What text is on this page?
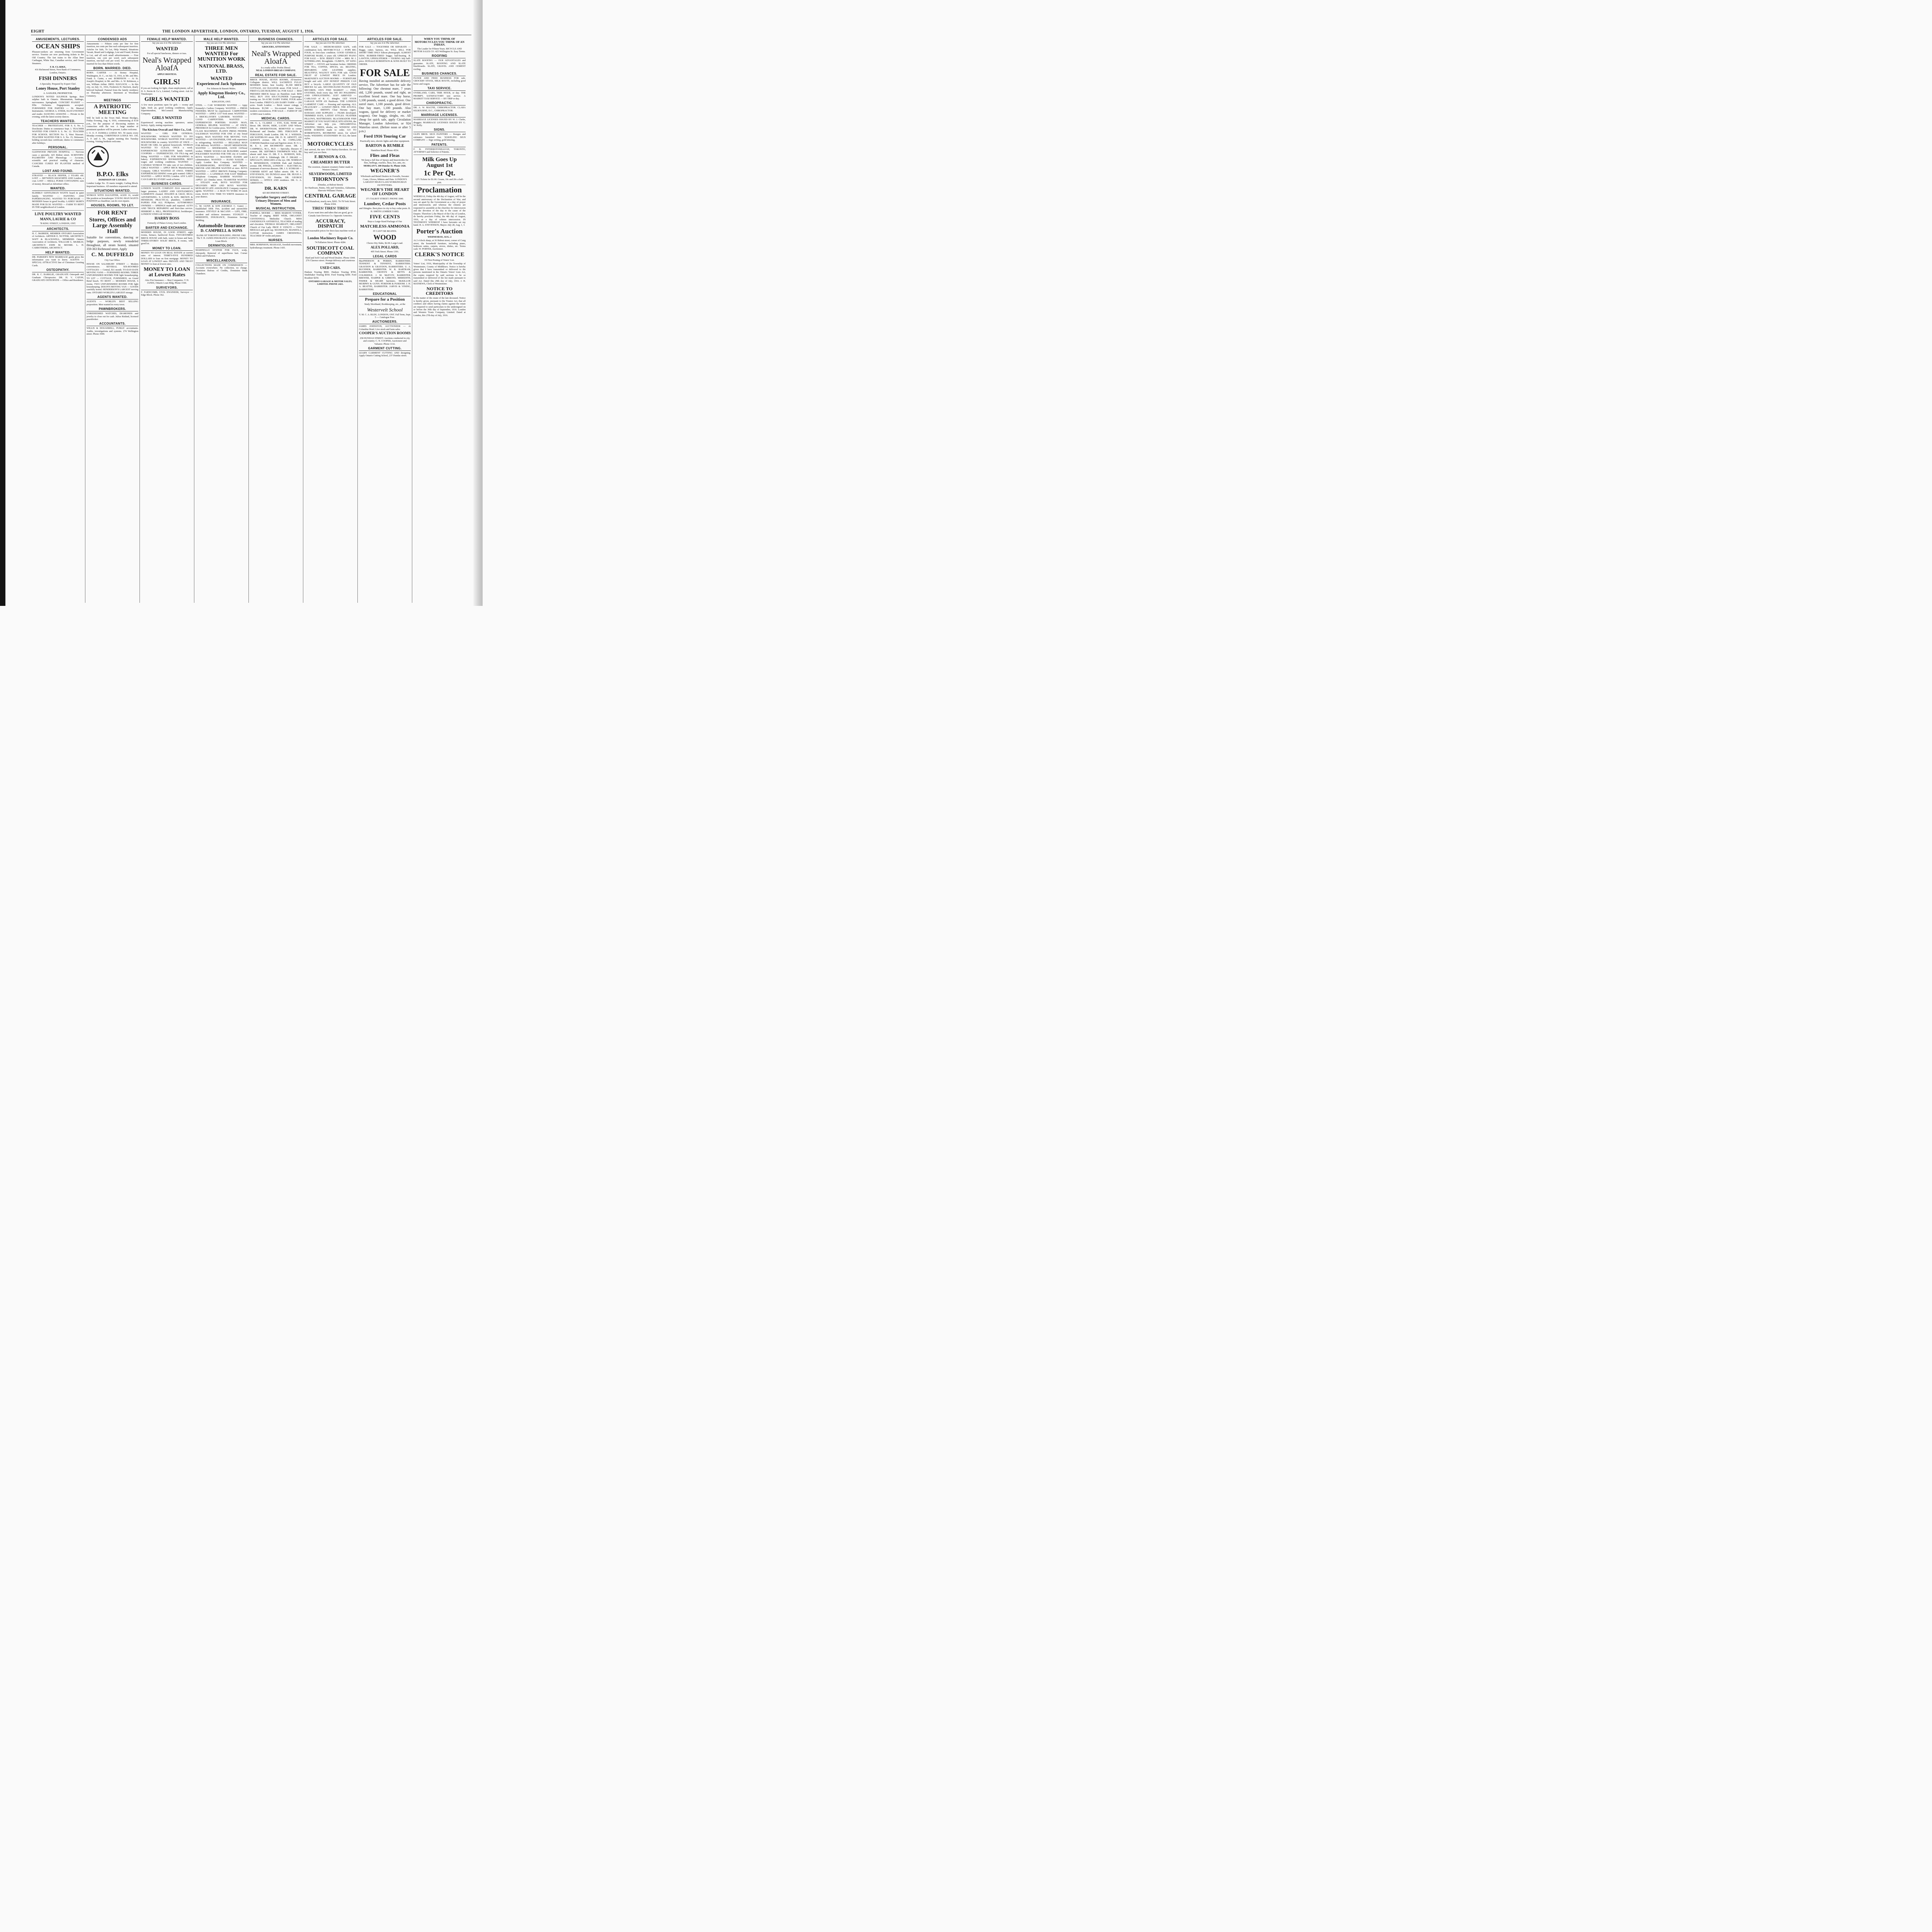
EIGHT	THE LONDON ADVERTISER, LONDON, ONTARIO, TUESDAY, AUGUST 1, 1916.
AMUSEMENTS, LECTURES.
OCEAN SHIPS
Pleasure-seekers are returning from Government service. Tourists are now purchasing tickets to the Old Country. The fast trains to the Allan liner Carthagan, White Star, Canadian service, and Ocean Steamers.
F. B. CLARKE,
416 Richmond Street, Next Bank of Commerce, London, Ontario.
FISH DINNERS
A Specialty. Prepared by Expert Chef.
Loney House, Port Stanley
A. SADLIER, PROPRIETOR.
LONDON'S NOTED SULPHUR Springs. Best sulphur bath in Ontario. Rheumatism, lumbago, nervousness. Springbank. CONCERT PIANIST — Ellis Orchestra. Engagements accepted. FURNISHED FOR PARTIES — Dr. Musical Instruments. GEORGE A. STEER, ELOCUTIONIST and reader. DANCING LESSONS — Private in the evening, with the latest society dances.
TEACHERS WANTED.
TEACHER — PROTESTANT, FOR S. S. No. 2, Dorchester. Duties to commence Sept. 1. TEACHER WANTED FOR UNION S. S. No. 12. TEACHER FOR SCHOOL SECTION No. 5, West Nissouri. TEACHER WANTED FOR S. S. No. 15, Delaware; holding second-class certificate; duties to commence after holidays.
PERSONAL.
GLENWOOD PRIVATE HOSPITAL — Nervous cases a specialty. 425 Ridout street. SCIENTIFIC PALMISTRY AND Phrenology — Accurate, scientific and practical reading of character. CANCERS CURED BY PLANTER method of Canada.
LOST AND FOUND.
STRAYED — BLACK HEIFER, 2 YEARS old. LOST — BETWEEN KILWORTH AND London, a coat. LOST — SMALL PURSE CONTAINING sum of money. Reward at Advertiser office.
WANTED.
ELDERLY GENTLEMAN WANTS board in quiet family. WANTED — PAINTING AND PAPERHANGING. WANTED TO PURCHASE — MODERN house in good locality. LADIES' SKIRTS MADE FOR $1.50. WANTED — FARM TO RENT IN THE neighborhood of London.
LIVE POULTRY WANTED
MANN, LAURIE & CO
78 KING STREET, LONDON, ONT.
ARCHITECTS.
H. C. McBRIDE, MEMBER ONTARIO Association of Architects. ARTHUR E. NUTTER, ARCHITECT. WATT & BLACKWELL, MEMBERS Ontario Association of Architects. WILLIAM G. MURRAY, ARCHITECT. JOHN M. MOORE. L. H. CARROTHERS, ARCHITECT.
HELP WANTED.
DR. PARKER'S NEW MARRIAGE guide gives the information you want to know. AGENTS — SPECIAL ATTRACTIVE line of Christmas Greeting Cards.
OSTEOPATHY.
DR. R. C. BARKLIE, GRADUATE Osteopath and Graduate Chiropractor. DR. H. V. CATON, GRADUATE OSTEOPATH — Office and Residence.
CONDENSED ADS
Amusements — Fifteen cents per line for first insertion, ten cents per line each subsequent insertion. Articles for Sale, To Let, Help Wanted, Situations Vacant, Board and Lodgings, Lost and Found, Rooms to Let, and all such small advertisements — First insertion, one cent per word; each subsequent insertion, one-half cent per word. No advertisement inserted for less than fifteen words.
BORN. MARRIED. DIED.
BORN. CARTER — At Stoney Hospital, Washington, D. C., on July 15, 1916, to Mr. and Mrs. Frank A. Carter, a son. ROBINSON — At St. Joseph's Hospital, to Mr. and Mrs. A. W. Robinson, a son, William Arthur. DIED. HAVLOCK — In this city, on July 31, 1916, Frederick H. Havlock, dearly beloved husband. Funeral from the family residence on Thursday afternoon. Interment at Woodland Cemetery.
MEETINGS
A PATRIOTIC MEETING
Will be held in the Town Hall, Mount Brydges, Friday Evening, Aug. 4, 1916, commencing at 8:30 p.m., for the purpose of discussing matters in connection with the war. A large number of prominent speakers will be present. Ladies welcome.
I. O. O. F. EUREKA LODGE NO. 59 meets every Monday evening. CORINTHIAN LODGE NO. 330, A. F. and A. M., regular meeting this Tuesday evening. Visiting brethren welcome.
B.P.O. Elks
DOMINION OF CANADA
London Lodge No. 35 meets tonight, Carling Block. Important business. All members requested to attend.
SITUATIONS WANTED.
WOMAN WITH DAUGHTER, AGED 16, would like position as housekeeper. YOUNG MAN WANTS POSITION as chauffeur; can do own repairs.
HOUSES, ROOMS, TO LET.
FOR RENT
Stores, Offices and Large Assembly Hall
Suitable for conventions, dancing or lodge purposes, newly remodeled throughout, all steam heated, situated 359-363 Richmond street, Apply
C. M. DUFFIELD
City Gas Office.
HOUSE ON SALISBURY STREET — Modern conveniences. SEVERAL SIX-ROOMED COTTAGES — Central, $11 month. TO-DAY-DATE MOVING VANS — FURNISHED ROOMS. THREE UNFURNISHED ROOMS FOR light housekeeping. TO LET — COTTAGE, FURNISHED, on Grand Bend beach. TO RENT — MODERN HOUSE, 6 rooms. TWO UNFURNISHED ROOMS FOR light housekeeping. DIXON'S MOVING VAN — GOODS carefully stored. HENDERSON'S LARGEST moving vans. ONTARIO WORLD'S LARGEST storage.
AGENTS WANTED.
AGENTS — WORLD'S BEST SELLING proposition. Men wanted in every town.
PAWNBROKERS.
UNREDEEMED WATCHES, DIAMONDS and jewelry to close out for cash. Julius Riskind, licensed pawnbroker.
ACCOUNTANTS.
WILLIS & DOGGERELL, PUBLIC accountants. Audits, investigations and systems. 274 Wellington street. Phone 3949.
FEMALE HELP WANTED.
Say you saw it in The Advertiser.
WANTED
For all special luncheons, dinners or teas.
Neal's Wrapped AloafA
APPLY HOSTESS.
GIRLS!
If you are looking for light, clean employment, call at D. S. Perrin & Co.'s, Limited, Carling street. Ask for Timekeeper.
GIRLS WANTED
A few more positions open for girls — roomy and light, fresh air, good working conditions. Apply Superintendent, McCormick Manufacturing Company.
GIRLS WANTED
Experienced sewing machine operators; union factory. Apply, stating experience.
The Kitchen Overall and Shirt Co., Ltd.
WANTED — GIRL FOR GENERAL HOUSEWORK. WOMAN WANTED TO DO HOUSEWORK. WOMAN WANTED FOR LIGHT HOUSEWORK in country. WANTED AT ONCE — MAID OR GIRL for general housework. WOMAN WANTED TO CLEAN, ONCE a week. EXPERIENCED ALTERATION hands wanted. COOPERS — EXPERIENCED, ON FILL-ing and fitting. WANTED — GIRL FOR WRAPPING in bakery. EXPERIENCED BOOKKEEPER; BEST wages and working conditions. WANTED — CAPABLE WOMAN TO take care of two children. GIRLS WANTED — APPLY BECK Manufacturing Company. GIRLS WANTED AT ONCE. THREE EXPERIENCED DINING room girls wanted. GIRLS WANTED — APPLY HOTEL London. ANY LADY CAN EARN $12 EVERY week at home.
BUSINESS CARDS.
LONDON WASTE COMPANY HAS removed to larger premises. LADIES' AND GENTLEMEN'S GARMENTS cleaned. HOLDEN & GRAY, REAL ADVERTISING. S. LEWIS & SON. BROWN & HENSHAW, PRACTICAL plumbers. CARBON PAPERS FOR ALL PURposes. AUTOMOBILE OWNERS — SPRINGS made and repaired. AUTO AND TRUCK REPAIRING and first-class service. HERBERT A. HILL, PROFESSIONAL bookkeeper. LONDON VINEGAR WORKS.
HARRY BOSS
Formerly of Palace Livery, East London.
BARTER AND EXCHANGE.
MODERN HOUSE, IN GOOD STREET; eight rooms, furnace, hardwood floors. TWO-ROOMED BRICK HOUSE with bath, water in house and barn. THREE-STOREY SOLID BRICK, 8 rooms, with good lot.
MONEY TO LOAN.
MONEY TO LOAN ON REAL ESTATE at current rates of interest. THIRTY-FIVE HUNDRED DOLLARS to loan on first mortgage. MONEY TO LOAN AT LOWEST rates. PRIVATE AND TRUST MONEY to loan at lowest rates.
MONEY TO LOAN at Lowest Rates
Also Fire Insurance — Best Companies. T. H. JANES, Ontario Loan Bldg. Phone 1544.
SURVEYORS.
F. FARNCOMB, CIVIL ENGINEER, Surveyor — Edge Block. Phone 362.
MALE HELP WANTED.
Say you saw it in The Advertiser.
THREE MEN WANTED For MUNITION WORK
NATIONAL BRASS, LTD.
WANTED
Experienced Jack Spinners
For Johnson & Bassett Mules.
Apply Kingston Hosiery Co., Ltd.
KINGSTON, ONT.
STEEL — CAR WORKERS WANTED — Appy Kennedy's Carlton Company. WANTED — PRESS FEEDERS; MUST be experienced. CARPENTERS WANTED — APPLY 1157 York street. WANTED — A BRICKLAYER'S LABORER. WANTED — GOOD CARPENTERS. WANTED — EXPERIENCED PORTERS. HANDY MAN, GENERAL HELPER. WANTED — AT ONCE, PRESSMAN for Gordon press. WANTED — FIRST-CLASS MACHINIST. PLATEN PRESS FEEDER. SALESMAN WANTED FOR ONE of city bread wagons. MAN WANTED FOR MOVING VAN. WANTED — AN ENGINEER, ONE with experience in refrigerating. WANTED — RELIABLE MAN FOR delivery. WANTED — NIGHT MESSENGER. WANTED — SHOEMAKER, GOOD GENeral worker. THREE WOOD-CAR BUILDERS wanted. POLICEMEN WANTED FOR THE city of London. BOYS WANTED — MACHINE HANDS and cabinetmakers. WANTED — HAND NAILER — Apply London Box Company. WANTED — SOLDERMAKERS, RIVETERS and helpers. DRIVER AND HELPER WANTED at once. BOYS WANTED — APPLY BROWN Printing Company. WANTED — A LINEMAN FOR EAST Middlesex Telephone Company. BARBER WANTED — APPLY 221 Dundas street. TEAMSTER WANTED — STEADY work. BOYS WANTED FOR DELIVERY. MEN AND BOYS WANTED. MONARCH LIFE ASSURANCE Company requires agents. WANTED — A MAN TO WORK IN stock room. HAVE YOU TIME TO WRITE insurance in your district.
INSURANCE.
G. M. GUNN & SON (GEORGE C. Gunn) — Established 1858. Fire, accident and automobile insurance. STEVELY & McCANN — LIFE, FIRE, accident and sickness insurance. STANLEY J. MEREDITH, INSURANCE, Dominion Savings Building.
Automobile Insurance
D. CAMPBELL & SONS
BANK OF TORONTO BUILDING. PHONE 1382.
The T. H. JANES INSURANCE AGENCY, Ontario Loan Block.
DERMATOLOGY.
MARINELLO SYSTEM FOR FACE, scalp, chiropody. Removal of superfluous hair. Corner Talbot and Fullarton.
MISCELLANEOUS.
COLLECTIONS MADE ON COMMISSION — Accounts everywhere. No collection, no charge. Dominion Bureau of Credits, Dominion Bank Chambers.
BUSINESS CHANCES.
Say you saw it in The Advertiser.
GROCERS, ATTENTION!
Neal's Wrapped AloafA
Is a ready seller. Profits liberal.
NEAL LONDON BREAD COMPANY.
REAL ESTATE FOR SALE.
BRICK HOUSE, SEVEN ROOMS, AT-tractive; Collegiate district. WILL SACRIFICE FULLY MODERN home, best locality. $1,300 BRICK COTTAGE, 222 ELEANOR street. FOR SALE — FIRST-CLASS BUILDING lot. FOR SALE — RED PRESSED BRICK house on Hamilton road. $650 WILL BUY 1916 SIX-CYLINDER 5-passenger touring car. 50-ACRE DAIRY FARM, FOUR miles from London. FIRST-CLASS DAIRY FARM — 200 acres. South London — Brick veneer cottage, 6 bedrooms. $3,500 — Six-roomed frame house, modern conveniences. FOR SALE — FARM OF 100 ACRES near London.
MEDICAL CARDS.
DR. G. L. CLARKE — EYE, EAR, NOSE and throat. DR. SHAW, HIDE, LAURY AND Wilson. DR. W. SHOEBOTHAM, REMOVED to corner Richmond and Dundas. DRS. FERGUSON & FERGUSON, South London. DR. W. J. WEEKES, 438 WATERLOO street. DR. D. H. ARNOTT, 226 QUEEN'S avenue. DR. E. M. COPELAND, CORNER Hamilton road and Egerton street. H. O. L. M. E. S. 244 RICHMOND street. DR. J. CAMPBELL, M.A., M.D. — Specialty, diseases of women. DR. SEPTIMUS THOMPSON WILL BE absent until June 15. DR. F. L. BURDON, M.B., L.R.C.P. AND S. Edinburgh. DR. F. DRAKE — SPECIALTY, DISEASES of the eye. DR. NORMAN B. HENDERSON, CORNER Park and Dufferin avenue. DR. PINGEL, LONDON — ELECTRICAL treatment of nervous diseases. DR. J. S. SCHRAM — CORNER KENT and Talbot streets. DR. W. J. STEVENSON, 391 DUNDAS street. DR. HUGH A. STEVENSON, 391 Dundas. DR. GEORGE SENKEL — OFFICE AND residence. DR. G. A. ARRESTON.
DR. KARN
425 RICHMOND STREET.
Specialist Surgery and Genito Urinary Diseases of Men and Women.
MUSICAL INSTRUCTION.
PARNELL MOORE — MISS MARION VOTIER, Teacher of singing. BERT WEIR, ORGANIST CENTENNIAL Methodist Church. MISS GWENDOLYN ANTHISTLE, TEACHER of reading and elocution. THOMAS SHARRATT, ORGANIST Church of Our Lady. PROF. P. VENUTI — TWO MEDALS and gold cup. MANDOLIN, MANDOLA, GUITAR instruction. JAMES CRESSWELL, TEACHER OF violin and piano.
NURSES.
MRS. ROBINSON, MASSAGE, Swedish movement, hydrotherapy treatment. Phone 1435.
ARTICLES FOR SALE.
Say you saw it in The Advertiser.
FOR SALE — MEDIUM-SIZED SAFE, with combination lock. MOTORCYCLE — POPE BIG FOUR, in first-class condition. GOOD GENERAL PURPOSE MARE, 6 years old. UPRIGHT PIANO FOR SALE — $150. JERSEY COW — MRS. M. J. SUTHERLAND, Broughdale. CLIMO'S, 197 KING STREET — STOVE and furniture broker. ORDERS FOR TEA, COFFEE, SPICES, etc. BELTING, REPAIRING AND LEATHER supplies. BEAUTIFUL WALNUT SOFA FOR sale. GOOD FRUIT AT LOWEST PRICE IN London. McKENZIE'S AUCTION ROOMS — FURNITURE bought and sold. ANY HONEST PERSON CAN BUY a bicycle. LARGE QUANTITY OF OLD BRICKS for sale. SECOND-HAND PIANOS AND RECORDS. OX'S FISH MARKET — FISH, OYSTERS, fresh every day. WE DO POLISHING AND UPHOLSTERING. JUST ARRIVED — CARLOAD of R. C. shingles. GET YOUR GARAGE WITH AN Hardware. THE LONDON GARMENT CARE — Pressing and repairing. ALL PEACH-SET — LOWEST PRICE. THE JOY-FUL SMOKE — SMITH'S Clear Havana cigars. KODAKS AND SUPPLIES — FILMS developed. TRIMMED HATS, LATEST STYLES. FEATHER PILLOWS, MATTRESSES. BLACKMADOR FISH MARKET. IF YOU WANT HELP, SITUATIONS, the Advertiser can help you. ORNAMENTAL WEEPING TREES, shrubs, etc. WINDOW AND DOOR SCREENS made to order. GO TO ROBERTSON'S, RICHMOND street, for school books. WEDDING STATIONERY IN ALL the latest styles.
MOTORCYCLES
Just arrived, the new 1916 Harley-Davidson. Do not buy until you see them.
F. BENSON & CO.
CREAMERY BUTTER
The sweetest, cleanest creamery butter made in Western Ontario.
SILVERWOODS, LIMITED
THORNTON'S
(Dundas, at Ridout Street)
for Hardware, Paints, Oils and Varnishes, Alabastine, Sherwin-Williams' Paints.
CENTRAL GARAGE
Ford Runabout, nearly new, $265. 76-78 York Street. Phone 4304.
TIRES! TIRES! TIRES!
If you want tires and tubes that are good, go to Canada Auto Devices Co. Opposite Armories.
ACCURACY, DISPATCH
and reasonable prices for first-class machine work at the
London Machinery Repair Co.
74 Fullarton Street. Phone 4284.
SOUTHCOTT COAL COMPANY
Hard and Soft Coal and Wood Dealers. Phone 1044. 276 Clarence street. Prompt delivery and courteous treatment.
USED CARS.
Hudson Touring $900. Hudson Touring $700. Studebaker Touring $550. Ford Touring $300. Ford Roadster $250.
ONTARIO GARAGE & MOTOR SALES, LIMITED. PHONE 2421.
ARTICLES FOR SALE.
Say you saw it in The Advertiser.
FOR SALE — TOGETHER OR SEPARATE — Buggy, cutter, harness, etc. WILL SELL FOR SHORT TIME ONLY Edison phonograph. ALMOST NEW, RUBBER-TIRED buggy; ball-bearing. R. LAWTON, UPHOLSTERER — DURING July half-price. DONALD ROBERTSON & SONS BUILT TO ORDER.
FOR SALE
Having installed an automobile delivery service, The Advertiser has for sale the following: One chestnut mare, 7 years old, 1,200 pounds, sound and right, an excellent brood mare. One bay horse, 1,100 pounds, sound, a good driver. One sorrel mare, 1,100 pounds, good driver. One bay mare, 1,100 pounds. Also wagons, (good for delivery or market wagons). One buggy, sleighs, etc. All cheap for quick sale, apply Circulation Manager, London Advertiser, or 924 Waterloo street. (Before noon or after 5 p.m.)
Ford 1916 Touring Car
Practically new, electric lights and other equipment.
BARTON & RUMBLE
Hamilton Road. Phone 4554.
Flies and Fleas
We keep a full line of Sprays and Insecticides for flies, bedbugs, roaches, fleas, lice, ants, etc.
MORGAN'S, 100 Dundas St. Phone 1426.
WEGNER'S
Wholesale and Retail Dealers in Overalls, Sweater Coats, Gloves, Mittens and Hats. LONDON'S LARGEST HIGH-CLASS WORKINGMAN OUTFITTERS.
WEGNER'S THE HEART OF LONDON
371 TALBOT STREET. PHONE 1840.
Lumber, Cedar Posts
and Shingles. Best place in city to buy cedar posts. R. H. SMITH LUMBER YARD.
FIVE CENTS
Buys a Large-Sized Package of Our
MATCHLESS AMMONIA
IT CAN'T BE BEATEN.
WOOD
Choice Dry Slabs, $2.00. Large Load.
ALEX POLLARD,
495 York Street. Phone 1391.
LEGAL CARDS
MacPHERSON & PERRIN, BARRISTERS. TENNENT & TENNENT, BARRISTERS. GRAYDON & GRAYDON, BARRISTERS. U. A. BUCHNER, BARRISTER. W. R. BARTRAM, BARRISTER. CRONYN & BETTS & COLERIDGE. J. M. McEVOY, BARRISTER. BREWER, HARPER & GIBBONS. MEREDITH, FISHER & SHARP, barristers. McKILLOP, MURPHY & GUNN. PURDOM & PURDOM. J. H. A. BEATTIE, BARRISTER. JARVIS & VINING, BARRISTERS.
EDUCATIONAL
Prepare for a Position
Study Shorthand, Bookkeeping, etc., at the
Westervelt School
Y. M. C. A. BLDG. LONDON, ONT. Fall Term, Sept. 5 — Catalogue Free.
AUCTIONEERS.
JAMES JOHNSTON, AUCTIONEER — At Columbia Hotel. Live stock and farm sales.
COOPER'S AUCTION ROOMS
258 DUNDAS STREET. Auctions conducted in city and country. C. N. COOPER, Auctioneer and Valuator. Phone 1132.
GARMENT CUTTING.
LEARN GARMENT CUTTING AND designing. Apply Ontario Cutting School, 237 Dundas street.
WHEN YOU THINK OF MOTORCYCLES YOU THINK OF AN INDIAN.
The Leader for Fifteen Years. BICYCLE AND MOTOR SALES CO. 425 Wellington St. Easy Terms.
ROOFING
SLATE ROOFING — OUR ADVANTAGES and guarantee. SLATE, ROOFING AND SLATE blackboards. SLATE, GRAVEL AND CEMENT roofing.
BUSINESS CHANCES.
FLOUR AND FEED BUSINESS FOR sale. GROCERY STOCK, MILK ROUTE, including good horse and wagon.
TAXI SERVICE.
OVERLAND, CARS, TRIP, HOUR, or day. THE PROMPT, SATISFACTORY taxi service. A MARKET TAXI SERVICE — BY TRIP or day.
CHIROPRACTIC.
DR. A. W. MACFIE, CHIROPRACTOR. CLARA KILBOURNE, D.C., CHIROPRACTOR.
MARRIAGE LICENSES.
MARRIAGE LICENSES ISSUED BY W. J. Clarke, druggist. MARRIAGE LICENSES ISSUED BY G. W. Kelly.
SIGNS.
GLEN BROS. SIGN PAINTERS — Designs and estimates furnished free. WAKELING SIGN COMPANY — Sign writing, gold lettering.
PATENTS.
F. B. FETHERSTONHAUGH, TORONTO, ATTORNEY and Solicitor of Patents.
Milk Goes Up August 1st
1c Per Qt.
12½ Tickets for $1.00. Cream, 10c and 20c a half-pint.
Proclamation
WHEREAS, Friday the 4th day of August, will be the second anniversary of the Declaration of War, and was set apart by the Government as a day of prayer and intercession; and whereas the citizens are requested to assemble at the churches for intercession and the devotion of the day to the cause of the Empire. Therefore I, the Mayor of the City of London, do hereby proclaim Friday, the 4th day of August, 1916, as a day of solemn intercession. IN TESTIMONY WHEREOF I have hereunto set my hand. H. A. STEVENSON, Mayor. July 28, Aug. 1, 3.
Porter's Auction
WEDNESDAY, AUG. 2
At 2 o'clock sharp, at 36 Ridout street, corner of Craig street, the household furniture, including piano, bedroom suites, carpets, stoves, dishes, etc. Terms cash. W. PORTER, Auctioneer.
CLERK'S NOTICE
Of First Posting of Voters' List.
Voters' List, 1916, Municipality of the Township of Westminster, County of Middlesex. Notice is hereby given that I have transmitted or delivered to the persons mentioned in the Ontario Voters' Lists Act, the copies required by said sections to be so transmitted or delivered of the list made pursuant to said Act. Dated this 29th day of July, 1916. J. H. MATHEWS, Clerk of Westminster.
NOTICE TO CREDITORS
In the matter of the estate of the late deceased. Notice is hereby given, pursuant to the Trustee Act, that all creditors and others having claims against the estate are required to send particulars to the undersigned on or before the 30th day of September, 1916. London and Western Trusts Company, Limited. Dated at London, this 27th day of July, 1916.
